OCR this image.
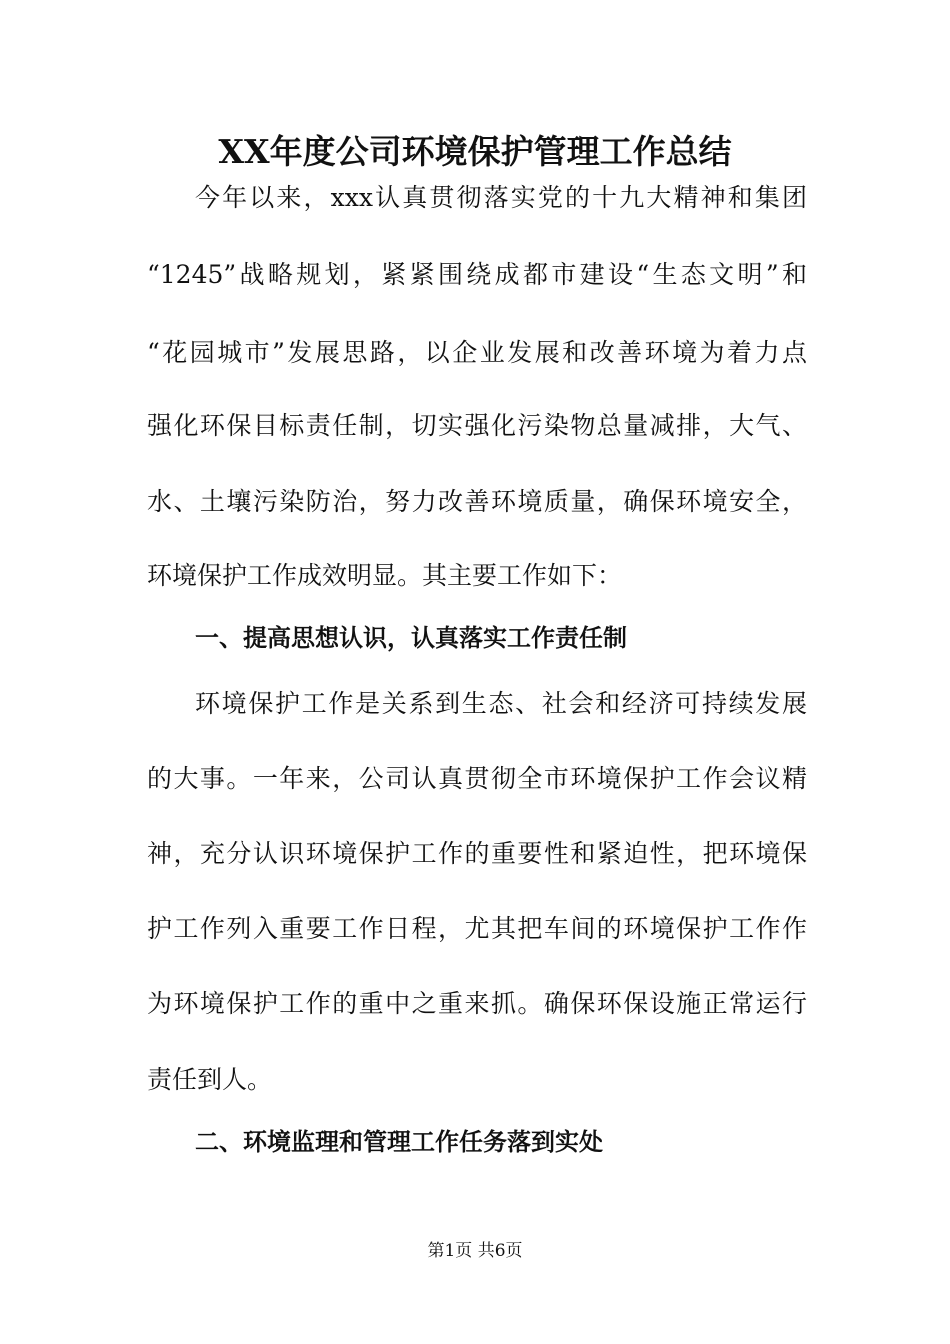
XX年度公司环境保护管理工作总结

今年以来，xxx认真贯彻落实党的十九大精神和集团

“1245”战略规划，紧紧围绕成都市建设“生态文明”和

“花园城市”发展思路，以企业发展和改善环境为着力点

强化环保目标责任制，切实强化污染物总量减排，大气、

水、土壤污染防治，努力改善环境质量，确保环境安全，

环境保护工作成效明显。其主要工作如下：

一、提高思想认识，认真落实工作责任制

环境保护工作是关系到生态、社会和经济可持续发展

的大事。一年来，公司认真贯彻全市环境保护工作会议精

神，充分认识环境保护工作的重要性和紧迫性，把环境保

护工作列入重要工作日程，尤其把车间的环境保护工作作

为环境保护工作的重中之重来抓。确保环保设施正常运行

责任到人。

二、环境监理和管理工作任务落到实处
第1页 共6页
